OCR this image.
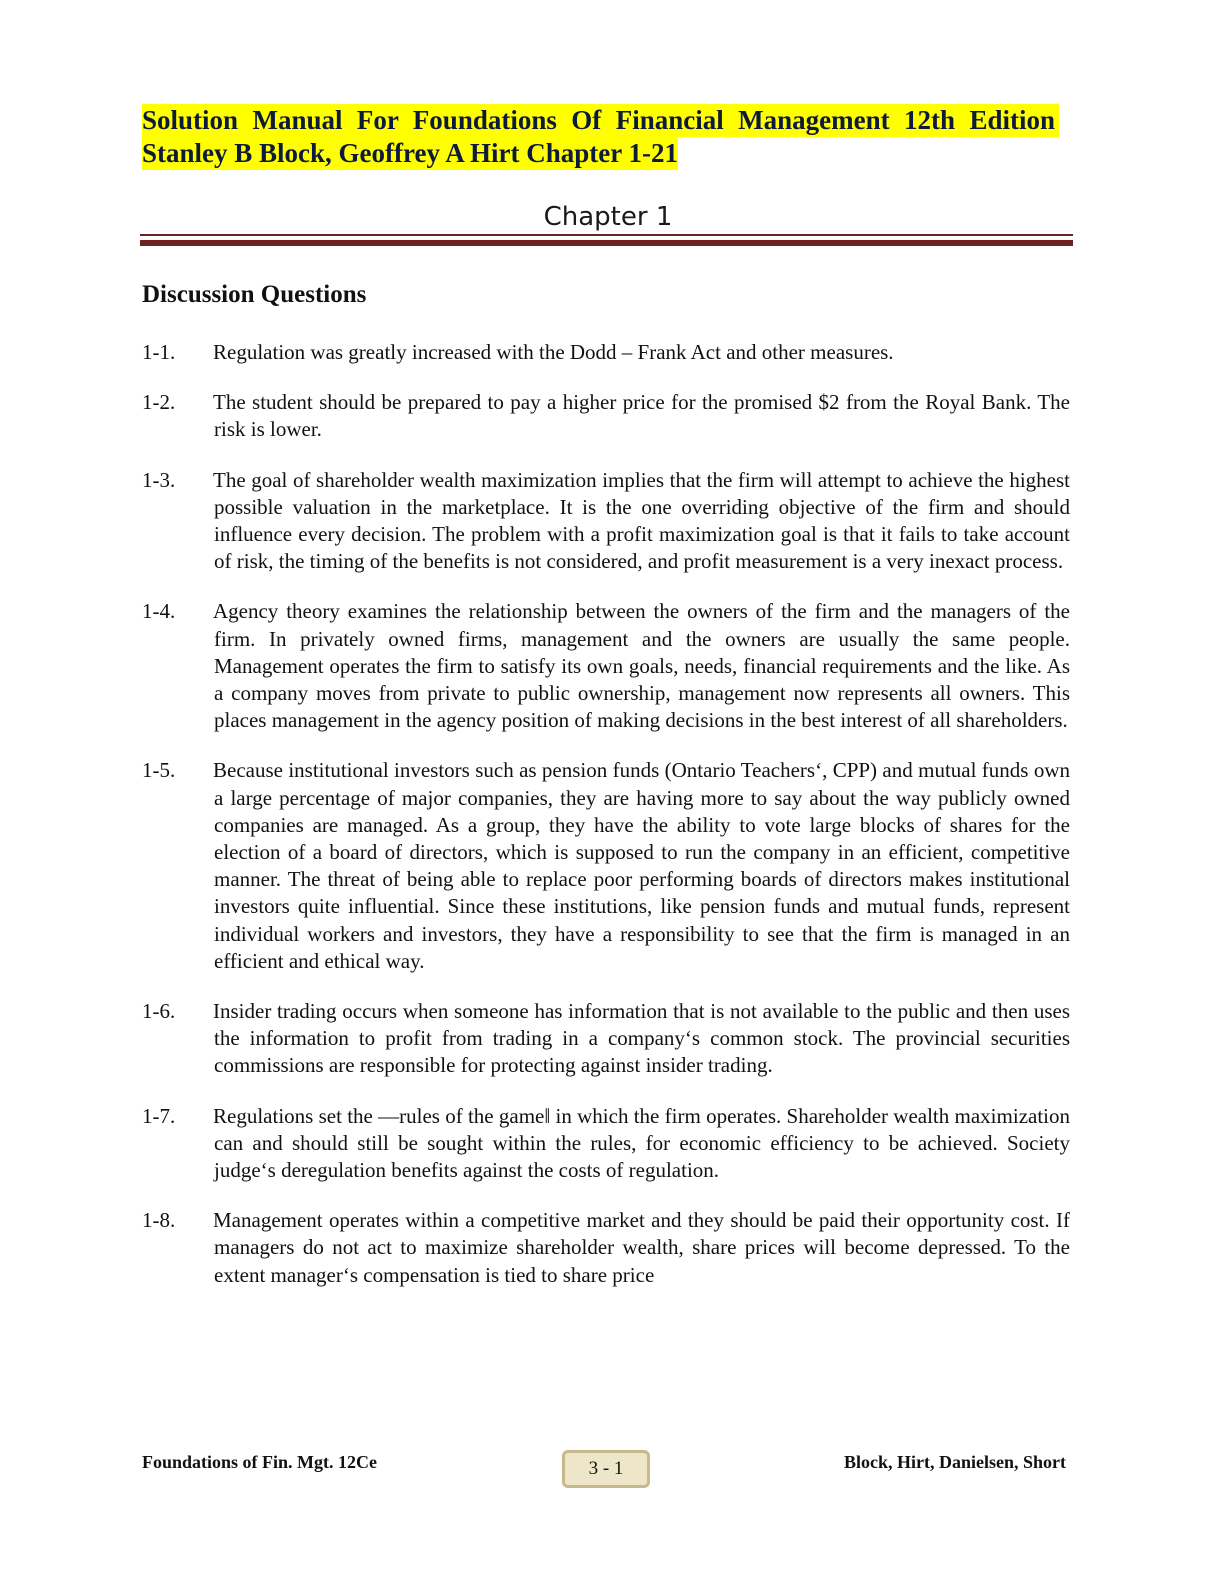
Solution Manual For Foundations Of Financial Management 12th Edition
Stanley B Block, Geoffrey A Hirt Chapter 1-21
Chapter 1
Discussion Questions
1-1.	Regulation was greatly increased with the Dodd – Frank Act and other measures.
1-2.	The student should be prepared to pay a higher price for the promised $2 from the Royal Bank. The risk is lower.
1-3.	The goal of shareholder wealth maximization implies that the firm will attempt to achieve the highest possible valuation in the marketplace. It is the one overriding objective of the firm and should influence every decision. The problem with a profit maximization goal is that it fails to take account of risk, the timing of the benefits is not considered, and profit measurement is a very inexact process.
1-4.	Agency theory examines the relationship between the owners of the firm and the managers of the firm. In privately owned firms, management and the owners are usually the same people. Management operates the firm to satisfy its own goals, needs, financial requirements and the like. As a company moves from private to public ownership, management now represents all owners. This places management in the agency position of making decisions in the best interest of all shareholders.
1-5.	Because institutional investors such as pension funds (Ontario Teachers‘, CPP) and mutual funds own a large percentage of major companies, they are having more to say about the way publicly owned companies are managed. As a group, they have the ability to vote large blocks of shares for the election of a board of directors, which is supposed to run the company in an efficient, competitive manner. The threat of being able to replace poor performing boards of directors makes institutional investors quite influential. Since these institutions, like pension funds and mutual funds, represent individual workers and investors, they have a responsibility to see that the firm is managed in an efficient and ethical way.
1-6.	Insider trading occurs when someone has information that is not available to the public and then uses the information to profit from trading in a company‘s common stock. The provincial securities commissions are responsible for protecting against insider trading.
1-7.	Regulations set the ―rules of the game‖ in which the firm operates. Shareholder wealth maximization can and should still be sought within the rules, for economic efficiency to be achieved. Society judge‘s deregulation benefits against the costs of regulation.
1-8.	Management operates within a competitive market and they should be paid their opportunity cost. If managers do not act to maximize shareholder wealth, share prices will become depressed. To the extent manager‘s compensation is tied to share price
Foundations of Fin. Mgt. 12Ce	3 - 1	Block, Hirt, Danielsen, Short
